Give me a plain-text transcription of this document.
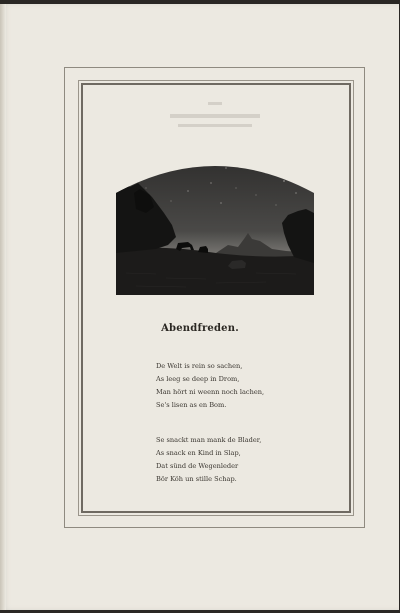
Abendfreden.
De Welt is rein so sachen,
As leeg se deep in Drom,
Man hört ni weenn noch lachen,
Se's lisen as en Bom.
Se snackt man mank de Blader,
As snack en Kind in Slap,
Dat sünd de Wegenleder
Bör Köh un stille Schap.
